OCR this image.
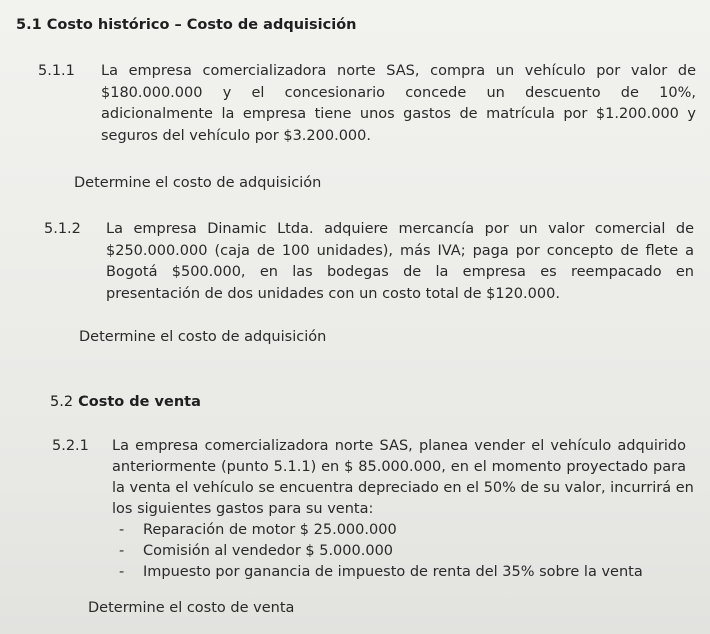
5.1 Costo histórico – Costo de adquisición
5.1.1 La empresa comercializadora norte SAS, compra un vehículo por valor de
$180.000.000 y el concesionario concede un descuento de 10%,
adicionalmente la empresa tiene unos gastos de matrícula por $1.200.000 y
seguros del vehículo por $3.200.000.
Determine el costo de adquisición
5.1.2 La empresa Dinamic Ltda. adquiere mercancía por un valor comercial de
$250.000.000 (caja de 100 unidades), más IVA; paga por concepto de flete a
Bogotá $500.000, en las bodegas de la empresa es reempacado en
presentación de dos unidades con un costo total de $120.000.
Determine el costo de adquisición
5.2 Costo de venta
5.2.1 La empresa comercializadora norte SAS, planea vender el vehículo adquirido
anteriormente (punto 5.1.1) en $ 85.000.000, en el momento proyectado para
la venta el vehículo se encuentra depreciado en el 50% de su valor, incurrirá en
los siguientes gastos para su venta:
- Reparación de motor $ 25.000.000
- Comisión al vendedor $ 5.000.000
- Impuesto por ganancia de impuesto de renta del 35% sobre la venta
Determine el costo de venta
